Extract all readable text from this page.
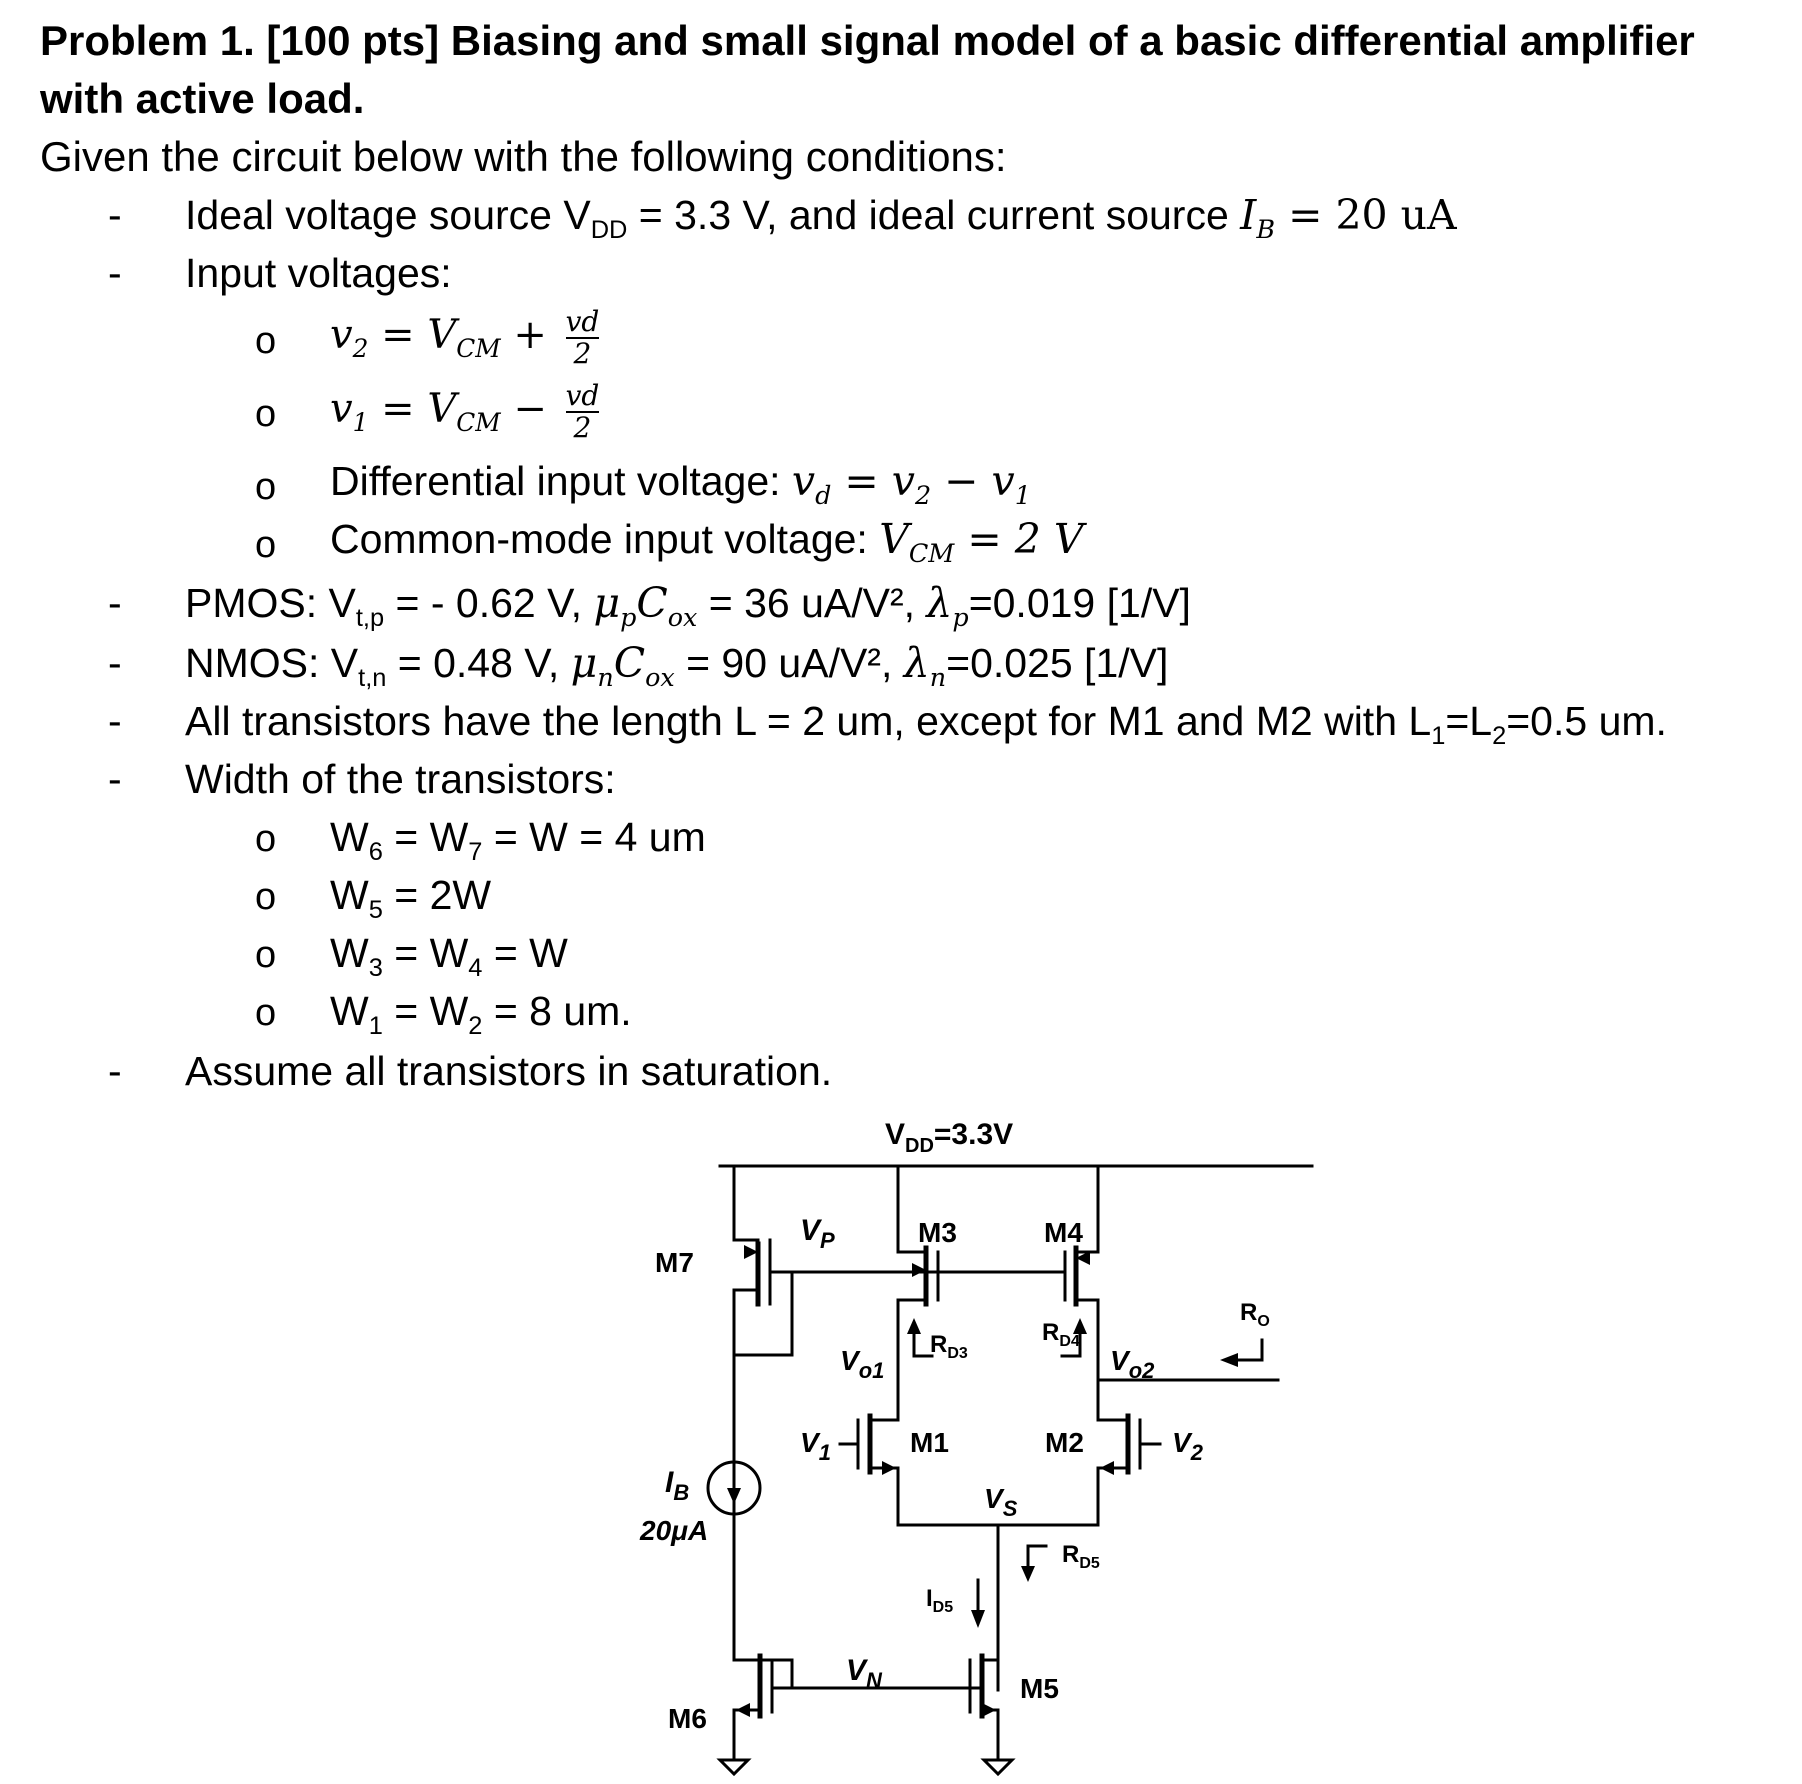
Problem 1. [100 pts] Biasing and small signal model of a basic differential amplifier with active load.
Given the circuit below with the following conditions:
- Ideal voltage source $V_{DD} = 3.3$ V, and ideal current source $I_B = 20$ uA
- Input voltages:
o $v_2 = V_{CM} + \frac{vd}{2}$
o $v_1 = V_{CM} - \frac{vd}{2}$
o Differential input voltage: $v_d = v_2 - v_1$
o Common-mode input voltage: $V_{CM} = 2$ V
- PMOS: $V_{t,p}$ = - 0.62 V, $\mu_pC_{ox} = 36$ uA/V², $\lambda_p=0.019$ [1/V]
- NMOS: $V_{t,n} = 0.48$ V, $\mu_nC_{ox} = 90$ uA/V², $\lambda_n=0.025$ [1/V]
- All transistors have the length L = 2 um, except for M1 and M2 with $L_1=L_2=0.5$ um.
- Width of the transistors:
o $W_6 = W_7 = W = 4$ um
o $W_5 = 2W$
o $W_3 = W_4 = W$
o $W_1 = W_2 = 8$ um.
- Assume all transistors in saturation.
$V_{DD}=3.3V$
M7
$V_P$	M3	M4
$R_{D3}$
$R_{D4}$
$V_{o1}$	$V_{o2}$
$R_O$
$V_1$	M1	M2	$V_2$
$V_S$
$R_{D5}$
$I_{D5}$
$I_B$
20μA
M6
$V_N$	M5
